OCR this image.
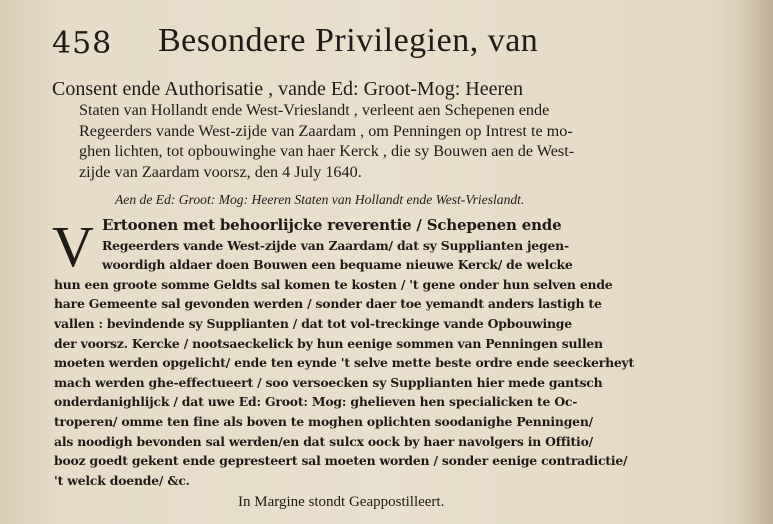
458 Besondere Privilegien, van
Consent ende Authorisatie , vande Ed: Groot-Mog: Heeren
Staten van Hollandt ende West-Vrieslandt , verleent aen Schepenen ende
Regeerders vande West-zijde van Zaardam , om Penningen op Intrest te mo-
ghen lichten, tot opbouwinghe van haer Kerck , die sy Bouwen aen de West-
zijde van Zaardam voorsz, den 4 July 1640.
Aen de Ed: Groot: Mog: Heeren Staten van Hollandt ende West-Vrieslandt.
V Ertoonen met behoorlijcke reverentie / Schepenen ende
Regeerders vande West-zijde van Zaardam/ dat sy Supplianten jegen-
woordigh aldaer doen Bouwen een bequame nieuwe Kerck/ de welcke
hun een groote somme Geldts sal komen te kosten / 't gene onder hun selven ende
hare Gemeente sal gevonden werden / sonder daer toe yemandt anders lastigh te
vallen : bevindende sy Supplianten / dat tot vol-treckinge vande Opbouwinge
der voorsz. Kercke / nootsaeckelick by hun eenige sommen van Penningen sullen
moeten werden opgelicht/ ende ten eynde 't selve mette beste ordre ende seeckerheyt
mach werden ghe-effectueert / soo versoecken sy Supplianten hier mede gantsch
onderdanighlijck / dat uwe Ed: Groot: Mog: ghelieven hen specialicken te Oc-
troperen/ omme ten fine als boven te moghen oplichten soodanighe Penningen/
als noodigh bevonden sal werden/en dat sulcx oock by haer navolgers in Offitio/
booz goedt gekent ende gepresteert sal moeten worden / sonder eenige contradictie/
't welck doende/ &c.
In Margine stondt Geappostilleert.
